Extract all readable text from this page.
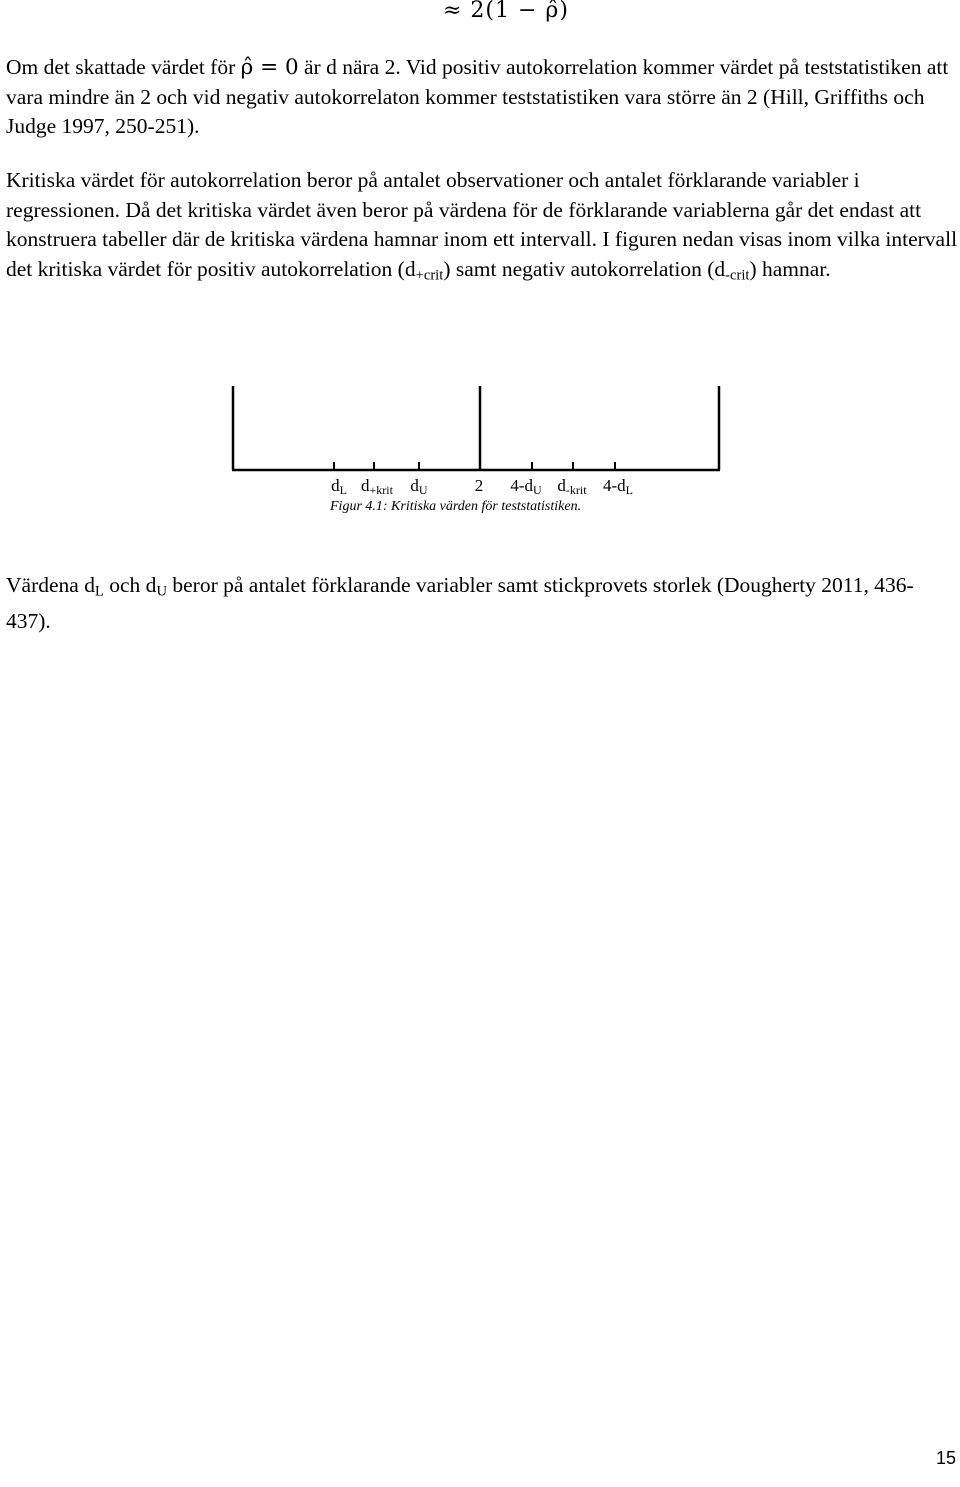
≈ 2(1 − ρ̂)

Om det skattade värdet för ρ̂ = 0 är d nära 2. Vid positiv autokorrelation kommer värdet på teststatistiken att vara mindre än 2 och vid negativ autokorrelaton kommer teststatistiken vara större än 2 (Hill, Griffiths och Judge 1997, 250-251).

Kritiska värdet för autokorrelation beror på antalet observationer och antalet förklarande variabler i regressionen. Då det kritiska värdet även beror på värdena för de förklarande variablerna går det endast att konstruera tabeller där de kritiska värdena hamnar inom ett intervall. I figuren nedan visas inom vilka intervall det kritiska värdet för positiv autokorrelation $(d_{+crit})$ samt negativ autokorrelation $(d_{-crit})$ hamnar.

dL d+krit dU	2 4-dU d-krit 4-dL
Figur 4.1: Kritiska värden för teststatistiken.

Värdena $d_L$ och $d_U$ beror på antalet förklarande variabler samt stickprovets storlek (Dougherty 2011, 436-437).

15
